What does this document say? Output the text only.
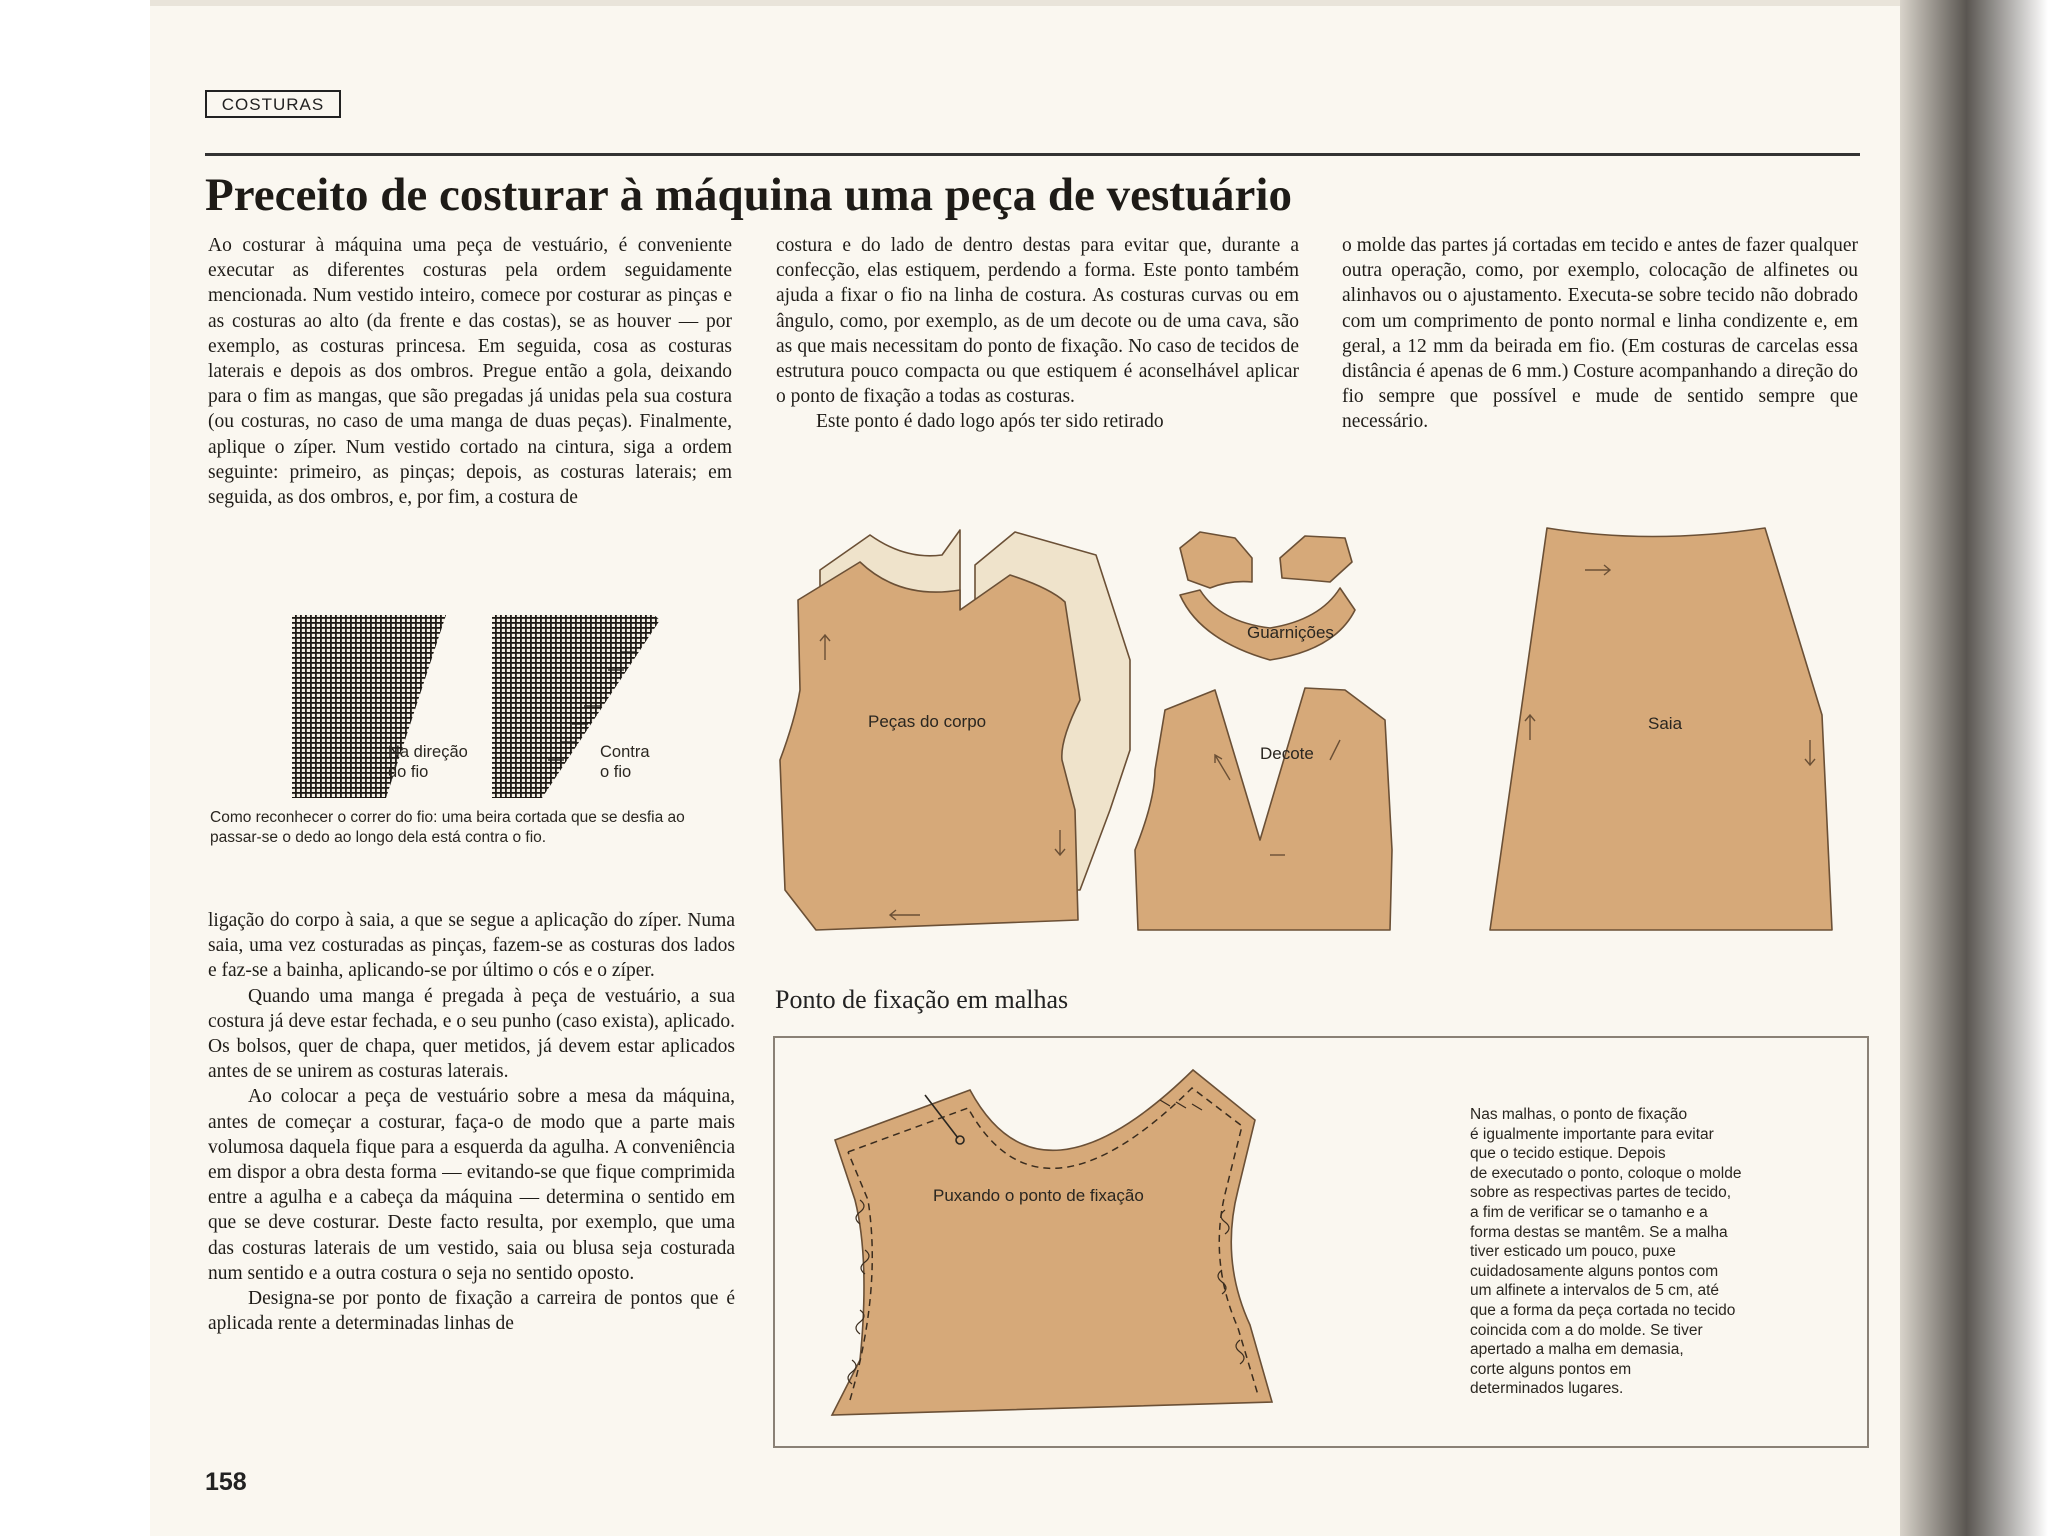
COSTURAS
Preceito de costurar à máquina uma peça de vestuário

Ao costurar à máquina uma peça de vestuário, é conveniente executar as diferentes costuras pela ordem seguidamente mencionada. Num vestido inteiro, comece por costurar as pinças e as costuras ao alto (da frente e das costas), se as houver — por exemplo, as costuras princesa. Em seguida, cosa as costuras laterais e depois as dos ombros. Pregue então a gola, deixando para o fim as mangas, que são pregadas já unidas pela sua costura (ou costuras, no caso de uma manga de duas peças). Finalmente, aplique o zíper. Num vestido cortado na cintura, siga a ordem seguinte: primeiro, as pinças; depois, as costuras laterais; em seguida, as dos ombros, e, por fim, a costura de

Na direção
do fio
Contra
o fio
Como reconhecer o correr do fio: uma beira cortada que se desfia ao passar-se o dedo ao longo dela está contra o fio.

ligação do corpo à saia, a que se segue a aplicação do zíper. Numa saia, uma vez costuradas as pinças, fazem-se as costuras dos lados e faz-se a bainha, aplicando-se por último o cós e o zíper.

Quando uma manga é pregada à peça de vestuário, a sua costura já deve estar fechada, e o seu punho (caso exista), aplicado. Os bolsos, quer de chapa, quer metidos, já devem estar aplicados antes de se unirem as costuras laterais.

Ao colocar a peça de vestuário sobre a mesa da máquina, antes de começar a costurar, faça-o de modo que a parte mais volumosa daquela fique para a esquerda da agulha. A conveniência em dispor a obra desta forma — evitando-se que fique comprimida entre a agulha e a cabeça da máquina — determina o sentido em que se deve costurar. Deste facto resulta, por exemplo, que uma das costuras laterais de um vestido, saia ou blusa seja costurada num sentido e a outra costura o seja no sentido oposto.

Designa-se por ponto de fixação a carreira de pontos que é aplicada rente a determinadas linhas de

costura e do lado de dentro destas para evitar que, durante a confecção, elas estiquem, perdendo a forma. Este ponto também ajuda a fixar o fio na linha de costura. As costuras curvas ou em ângulo, como, por exemplo, as de um decote ou de uma cava, são as que mais necessitam do ponto de fixação. No caso de tecidos de estrutura pouco compacta ou que estiquem é aconselhável aplicar o ponto de fixação a todas as costuras.

Este ponto é dado logo após ter sido retirado

o molde das partes já cortadas em tecido e antes de fazer qualquer outra operação, como, por exemplo, colocação de alfinetes ou alinhavos ou o ajustamento. Executa-se sobre tecido não dobrado com um comprimento de ponto normal e linha condizente e, em geral, a 12 mm da beirada em fio. (Em costuras de carcelas essa distância é apenas de 6 mm.) Costure acompanhando a direção do fio sempre que possível e mude de sentido sempre que necessário.

Peças do corpo
Guarnições
Decote
Saia
Ponto de fixação em malhas
Puxando o ponto de fixação
Nas malhas, o ponto de fixação
é igualmente importante para evitar
que o tecido estique. Depois
de executado o ponto, coloque o molde
sobre as respectivas partes de tecido,
a fim de verificar se o tamanho e a
forma destas se mantêm. Se a malha
tiver esticado um pouco, puxe
cuidadosamente alguns pontos com
um alfinete a intervalos de 5 cm, até
que a forma da peça cortada no tecido
coincida com a do molde. Se tiver
apertado a malha em demasia,
corte alguns pontos em
determinados lugares.
158
